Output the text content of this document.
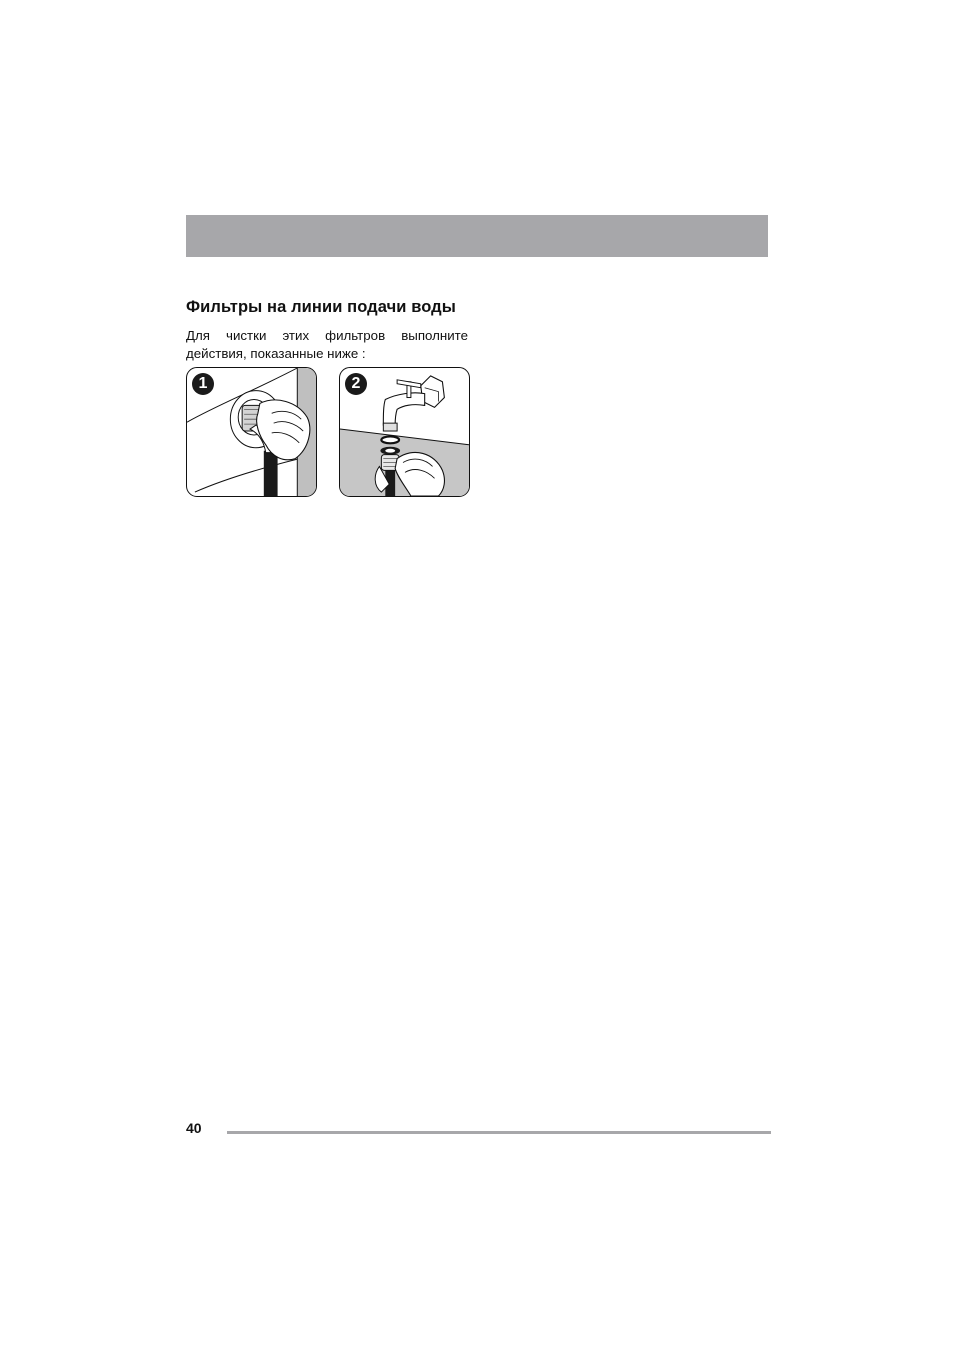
Фильтры на линии подачи воды

Для чистки этих фильтров выполните действия, показанные ниже :

1	2

40
